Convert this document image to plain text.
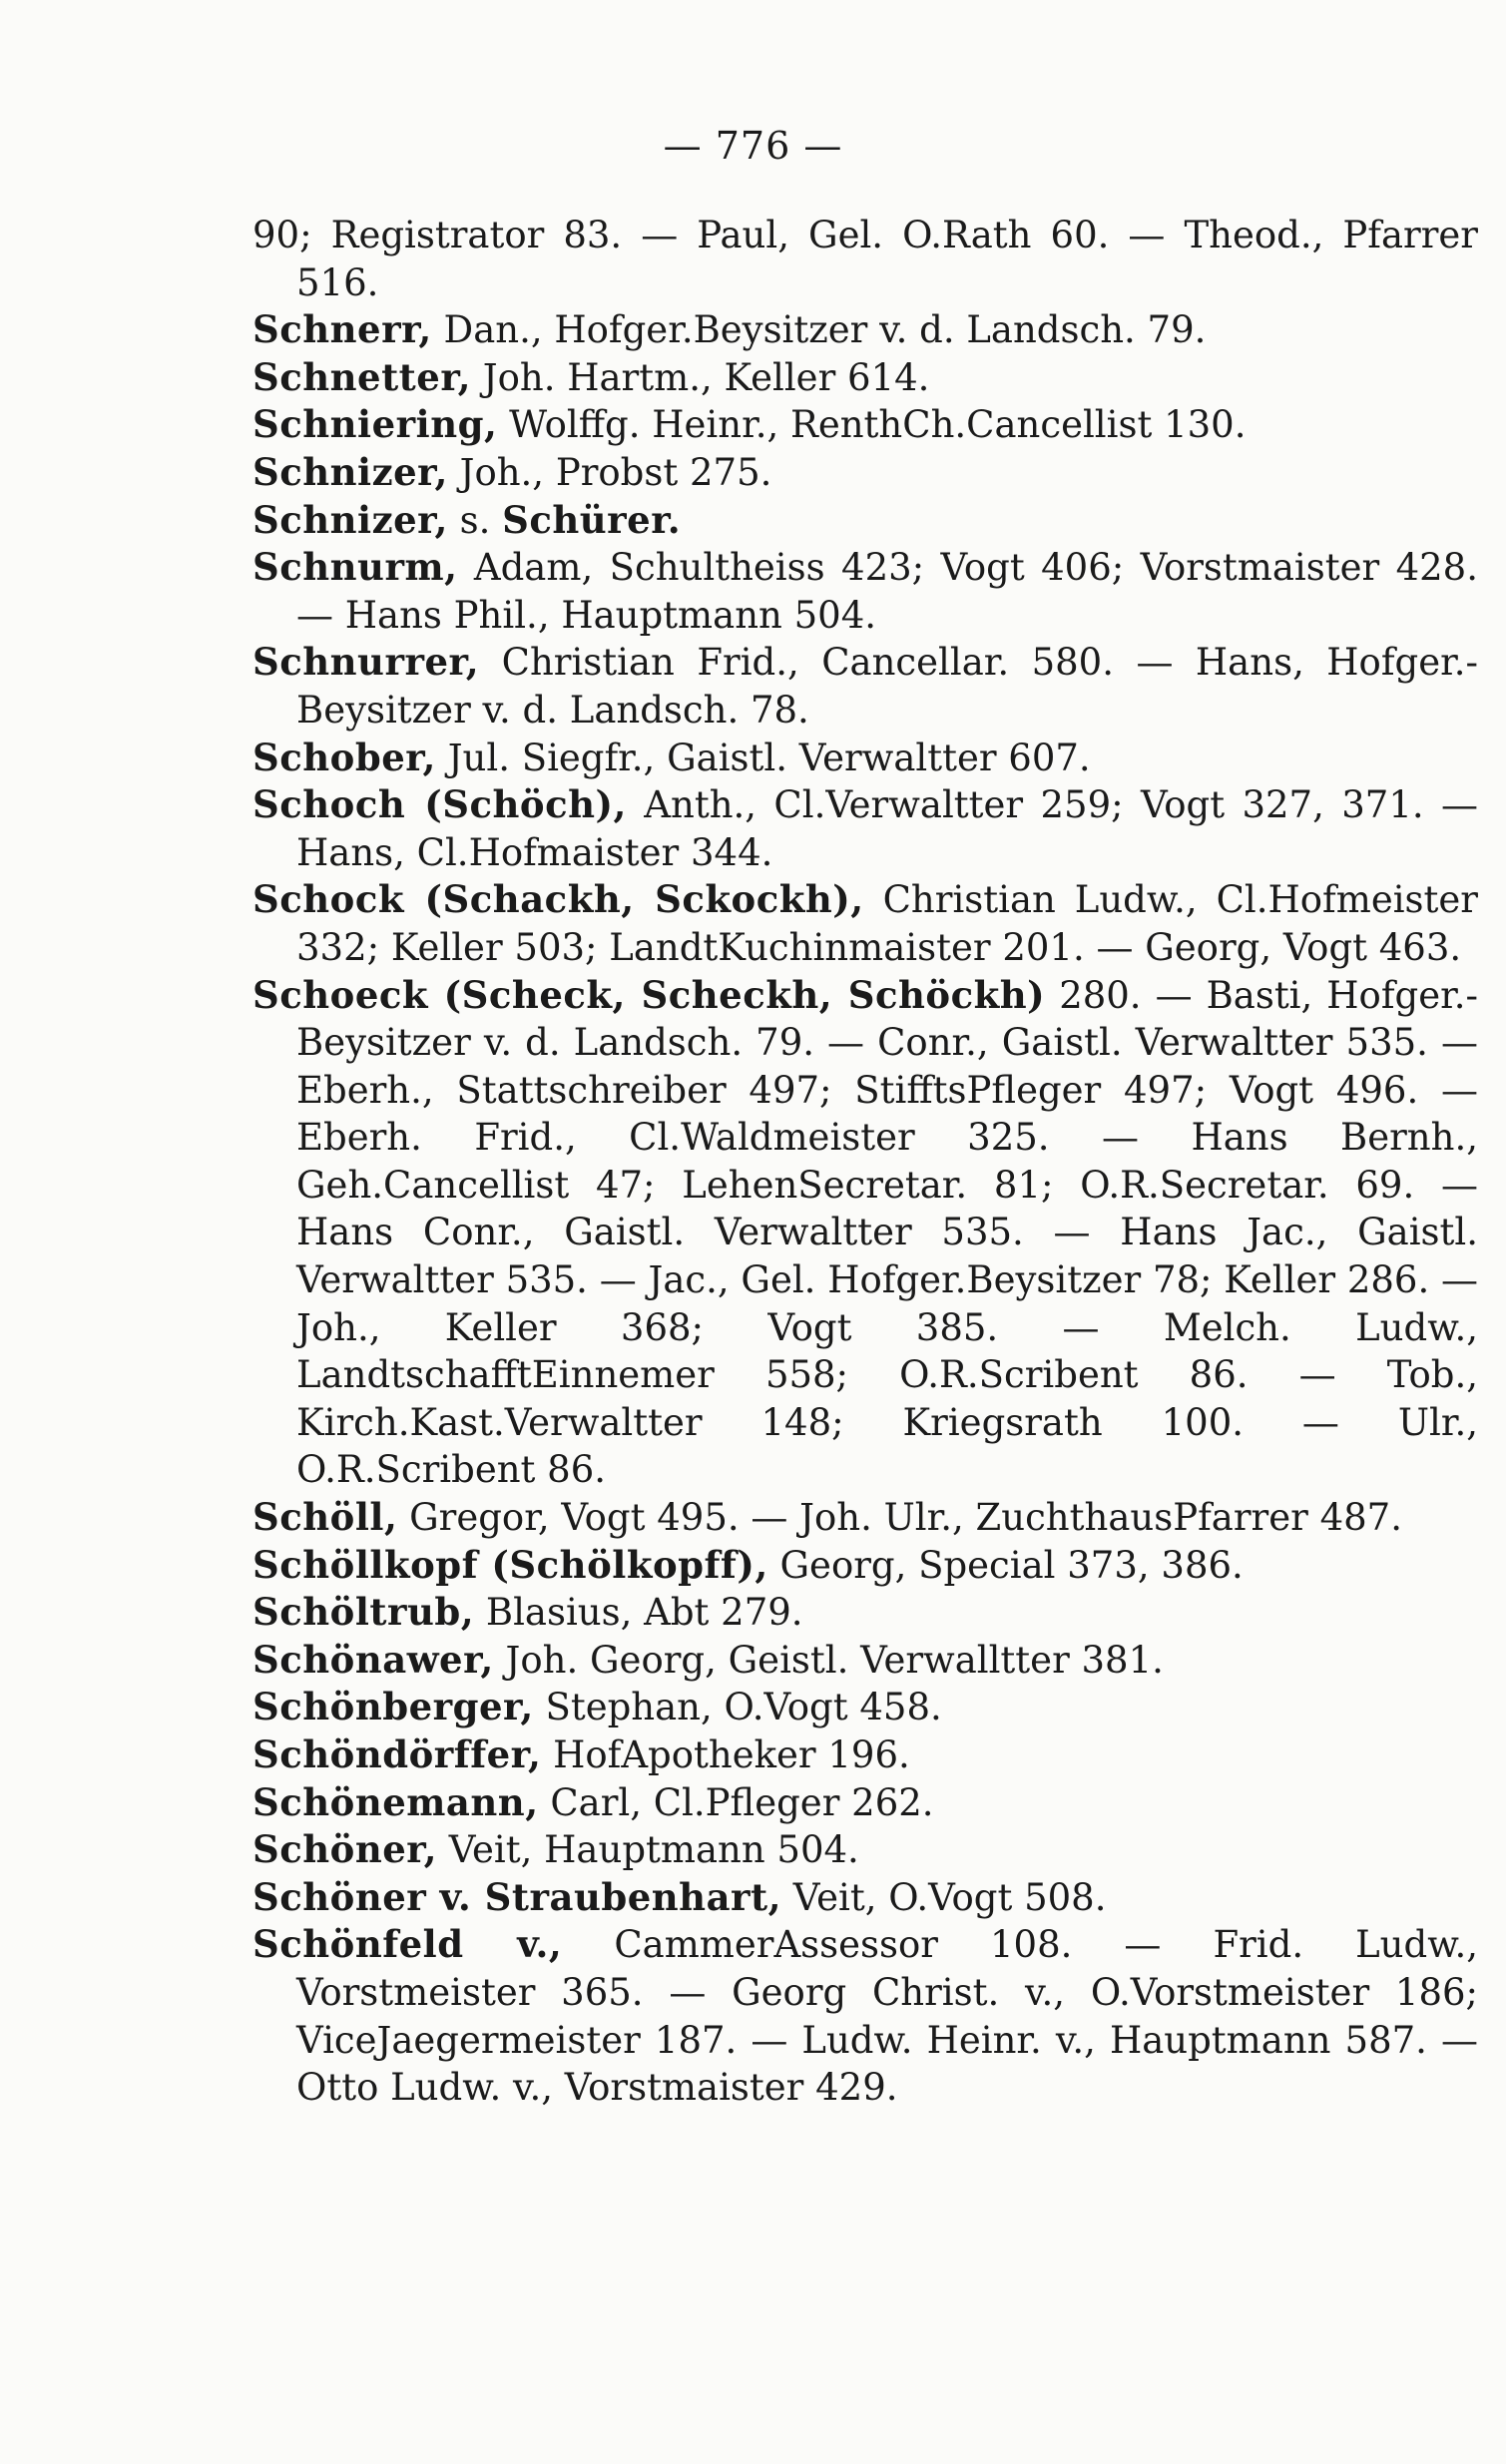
— 776 —

90; Registrator 83. — Paul, Gel. O.Rath 60. — Theod., Pfarrer 516.

Schnerr, Dan., Hofger.Beysitzer v. d. Landsch. 79.

Schnetter, Joh. Hartm., Keller 614.

Schniering, Wolffg. Heinr., RenthCh.Cancellist 130.

Schnizer, Joh., Probst 275.

Schnizer, s. Schürer.

Schnurm, Adam, Schultheiss 423; Vogt 406; Vorstmaister 428. — Hans Phil., Hauptmann 504.

Schnurrer, Christian Frid., Cancellar. 580. — Hans, Hofger.-Beysitzer v. d. Landsch. 78.

Schober, Jul. Siegfr., Gaistl. Verwaltter 607.

Schoch (Schöch), Anth., Cl.Verwaltter 259; Vogt 327, 371. — Hans, Cl.Hofmaister 344.

Schock (Schackh, Sckockh), Christian Ludw., Cl.Hofmeister 332; Keller 503; LandtKuchinmaister 201. — Georg, Vogt 463.

Schoeck (Scheck, Scheckh, Schöckh) 280. — Basti, Hofger.-Beysitzer v. d. Landsch. 79. — Conr., Gaistl. Verwaltter 535. — Eberh., Stattschreiber 497; StifftsPfleger 497; Vogt 496. — Eberh. Frid., Cl.Waldmeister 325. — Hans Bernh., Geh.Cancellist 47; LehenSecretar. 81; O.R.Secretar. 69. — Hans Conr., Gaistl. Verwaltter 535. — Hans Jac., Gaistl. Verwaltter 535. — Jac., Gel. Hofger.Beysitzer 78; Keller 286. — Joh., Keller 368; Vogt 385. — Melch. Ludw., LandtschafftEinnemer 558; O.R.Scribent 86. — Tob., Kirch.Kast.Verwaltter 148; Kriegsrath 100. — Ulr., O.R.Scribent 86.

Schöll, Gregor, Vogt 495. — Joh. Ulr., ZuchthausPfarrer 487.

Schöllkopf (Schölkopff), Georg, Special 373, 386.

Schöltrub, Blasius, Abt 279.

Schönawer, Joh. Georg, Geistl. Verwalltter 381.

Schönberger, Stephan, O.Vogt 458.

Schöndörffer, HofApotheker 196.

Schönemann, Carl, Cl.Pfleger 262.

Schöner, Veit, Hauptmann 504.

Schöner v. Straubenhart, Veit, O.Vogt 508.

Schönfeld v., CammerAssessor 108. — Frid. Ludw., Vorstmeister 365. — Georg Christ. v., O.Vorstmeister 186; ViceJaegermeister 187. — Ludw. Heinr. v., Hauptmann 587. — Otto Ludw. v., Vorstmaister 429.
